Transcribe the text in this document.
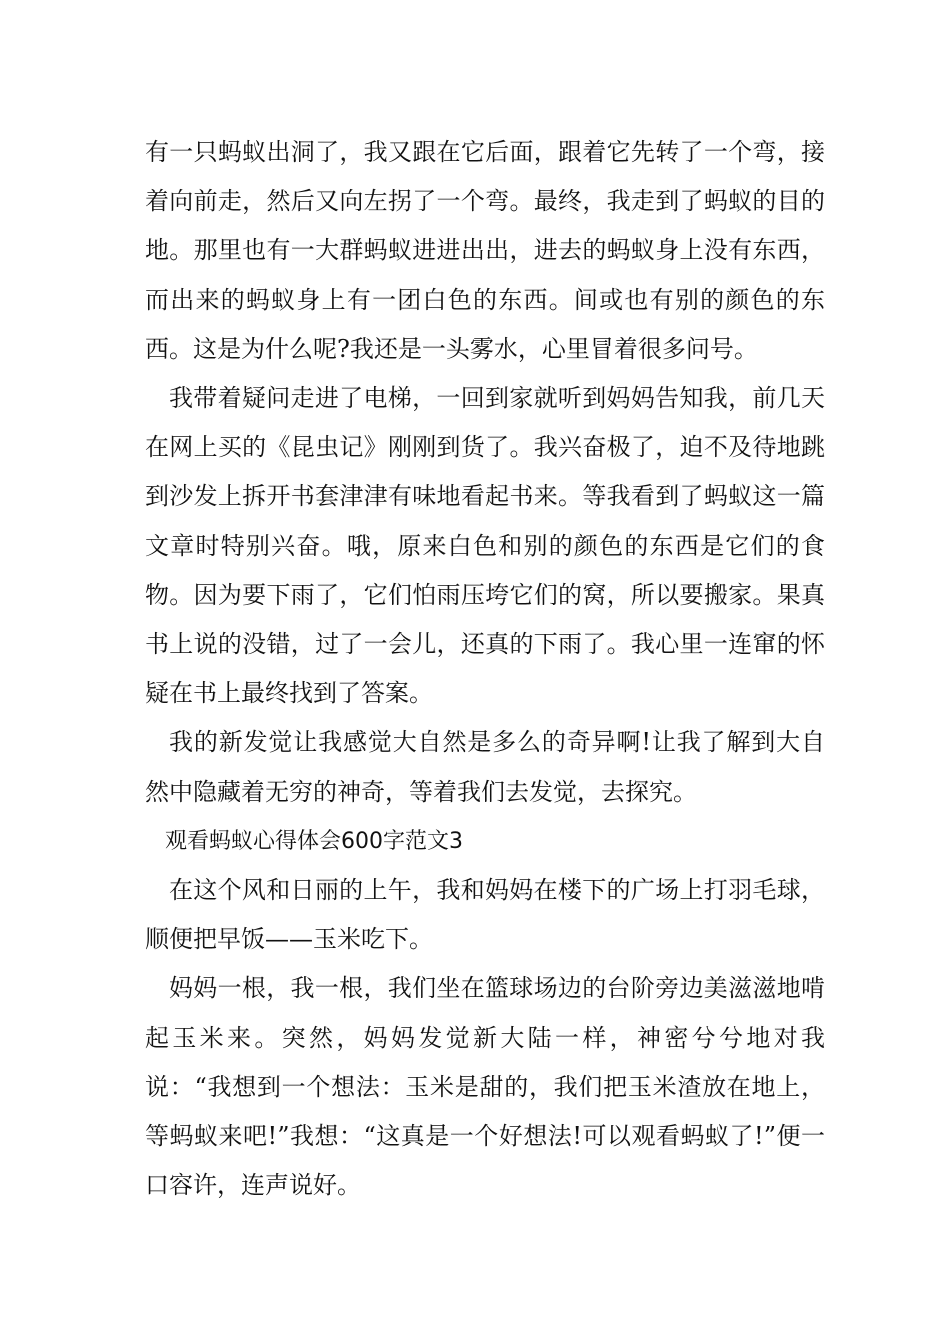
有一只蚂蚁出洞了，我又跟在它后面，跟着它先转了一个弯，接着向前走，然后又向左拐了一个弯。最终，我走到了蚂蚁的目的地。那里也有一大群蚂蚁进进出出，进去的蚂蚁身上没有东西，而出来的蚂蚁身上有一团白色的东西。间或也有别的颜色的东西。这是为什么呢?我还是一头雾水，心里冒着很多问号。

我带着疑问走进了电梯，一回到家就听到妈妈告知我，前几天在网上买的《昆虫记》刚刚到货了。我兴奋极了，迫不及待地跳到沙发上拆开书套津津有味地看起书来。等我看到了蚂蚁这一篇文章时特别兴奋。哦，原来白色和别的颜色的东西是它们的食物。因为要下雨了，它们怕雨压垮它们的窝，所以要搬家。果真书上说的没错，过了一会儿，还真的下雨了。我心里一连窜的怀疑在书上最终找到了答案。

我的新发觉让我感觉大自然是多么的奇异啊!让我了解到大自然中隐藏着无穷的神奇，等着我们去发觉，去探究。

观看蚂蚁心得体会600字范文3

在这个风和日丽的上午，我和妈妈在楼下的广场上打羽毛球，顺便把早饭——玉米吃下。

妈妈一根，我一根，我们坐在篮球场边的台阶旁边美滋滋地啃起玉米来。突然，妈妈发觉新大陆一样，神密兮兮地对我说：“我想到一个想法：玉米是甜的，我们把玉米渣放在地上，等蚂蚁来吧!”我想：“这真是一个好想法!可以观看蚂蚁了!”便一口容许，连声说好。
